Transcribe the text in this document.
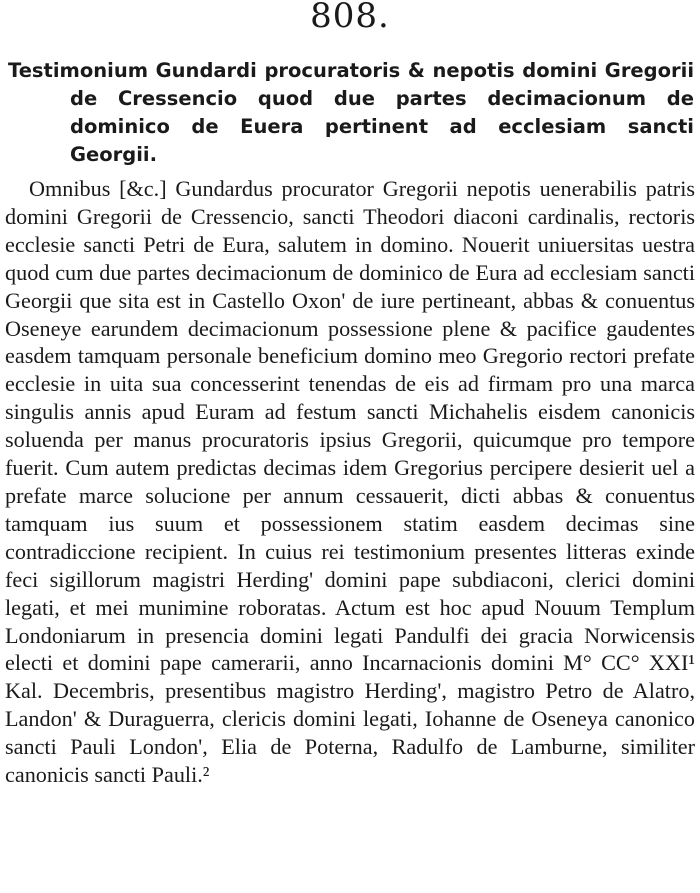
808.
Testimonium Gundardi procuratoris & nepotis domini Gregorii de Cressencio quod due partes decimacionum de dominico de Euera pertinent ad ecclesiam sancti Georgii.
Omnibus [&c.] Gundardus procurator Gregorii nepotis uenerabilis patris domini Gregorii de Cressencio, sancti Theodori diaconi cardinalis, rectoris ecclesie sancti Petri de Eura, salutem in domino. Nouerit uniuersitas uestra quod cum due partes decimacionum de dominico de Eura ad ecclesiam sancti Georgii que sita est in Castello Oxon' de iure pertineant, abbas & conuentus Oseneye earundem decimacionum possessione plene & pacifice gaudentes easdem tamquam personale beneficium domino meo Gregorio rectori prefate ecclesie in uita sua concesserint tenendas de eis ad firmam pro una marca singulis annis apud Euram ad festum sancti Michahelis eisdem canonicis soluenda per manus procuratoris ipsius Gregorii, quicumque pro tempore fuerit. Cum autem predictas decimas idem Gregorius percipere desierit uel a prefate marce solucione per annum cessauerit, dicti abbas & conuentus tamquam ius suum et possessionem statim easdem decimas sine contradiccione recipient. In cuius rei testimonium presentes litteras exinde feci sigillorum magistri Herding' domini pape subdiaconi, clerici domini legati, et mei munimine roboratas. Actum est hoc apud Nouum Templum Londoniarum in presencia domini legati Pandulfi dei gracia Norwicensis electi et domini pape camerarii, anno Incarnacionis domini M° CC° XXI¹ Kal. Decembris, presentibus magistro Herding', magistro Petro de Alatro, Landon' & Duraguerra, clericis domini legati, Iohanne de Oseneya canonico sancti Pauli London', Elia de Poterna, Radulfo de Lamburne, similiter canonicis sancti Pauli.²
